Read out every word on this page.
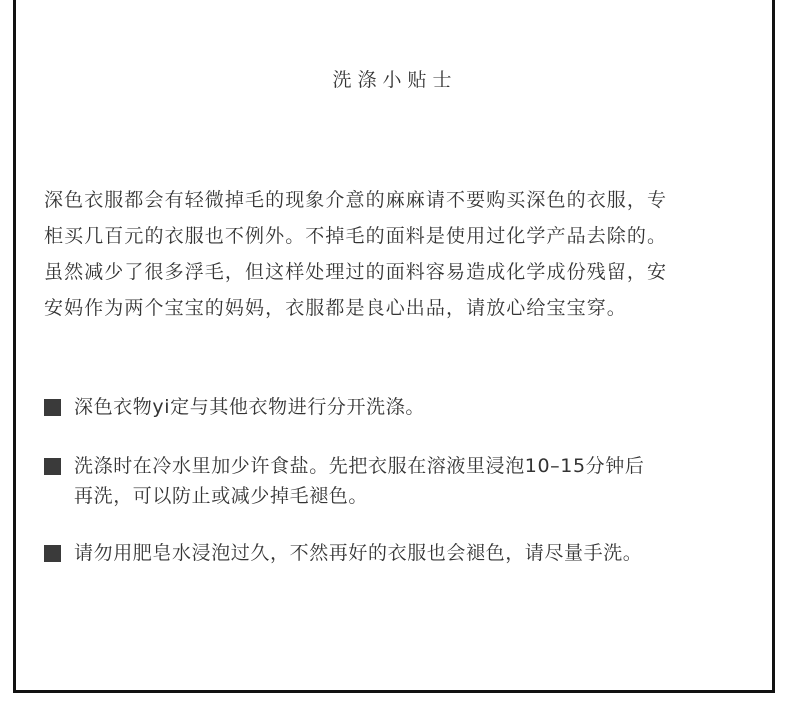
洗涤小贴士
深色衣服都会有轻微掉毛的现象介意的麻麻请不要购买深色的衣服，专
柜买几百元的衣服也不例外。不掉毛的面料是使用过化学产品去除的。
虽然减少了很多浮毛，但这样处理过的面料容易造成化学成份残留，安
安妈作为两个宝宝的妈妈，衣服都是良心出品，请放心给宝宝穿。
深色衣物yi定与其他衣物进行分开洗涤。
洗涤时在冷水里加少许食盐。先把衣服在溶液里浸泡10–15分钟后
再洗，可以防止或减少掉毛褪色。
请勿用肥皂水浸泡过久，不然再好的衣服也会褪色，请尽量手洗。
